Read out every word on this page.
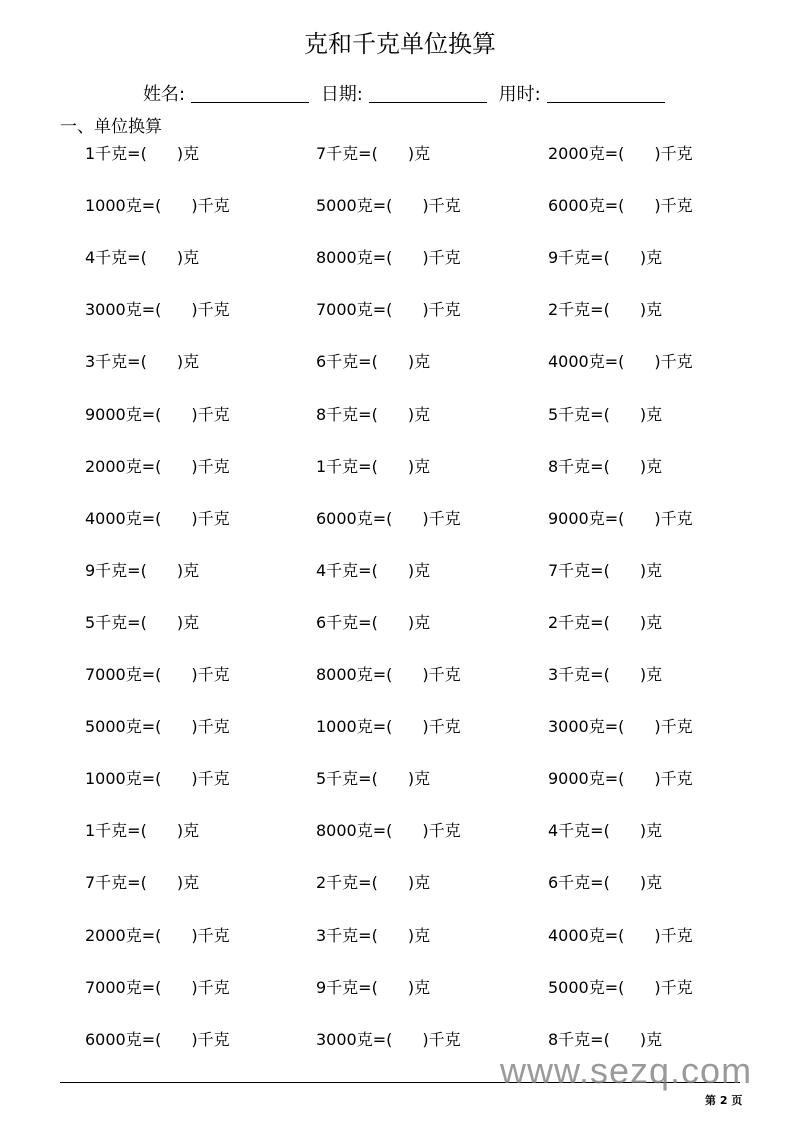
克和千克单位换算
姓名:	日期:	用时:
一、单位换算
1千克=( )克	7千克=( )克	2000克=( )千克
1000克=( )千克	5000克=( )千克	6000克=( )千克
4千克=( )克	8000克=( )千克	9千克=( )克
3000克=( )千克	7000克=( )千克	2千克=( )克
3千克=( )克	6千克=( )克	4000克=( )千克
9000克=( )千克	8千克=( )克	5千克=( )克
2000克=( )千克	1千克=( )克	8千克=( )克
4000克=( )千克	6000克=( )千克	9000克=( )千克
9千克=( )克	4千克=( )克	7千克=( )克
5千克=( )克	6千克=( )克	2千克=( )克
7000克=( )千克	8000克=( )千克	3千克=( )克
5000克=( )千克	1000克=( )千克	3000克=( )千克
1000克=( )千克	5千克=( )克	9000克=( )千克
1千克=( )克	8000克=( )千克	4千克=( )克
7千克=( )克	2千克=( )克	6千克=( )克
2000克=( )千克	3千克=( )克	4000克=( )千克
7000克=( )千克	9千克=( )克	5000克=( )千克
6000克=( )千克	3000克=( )千克	8千克=( )克
www.sezq.com
第 2 页
